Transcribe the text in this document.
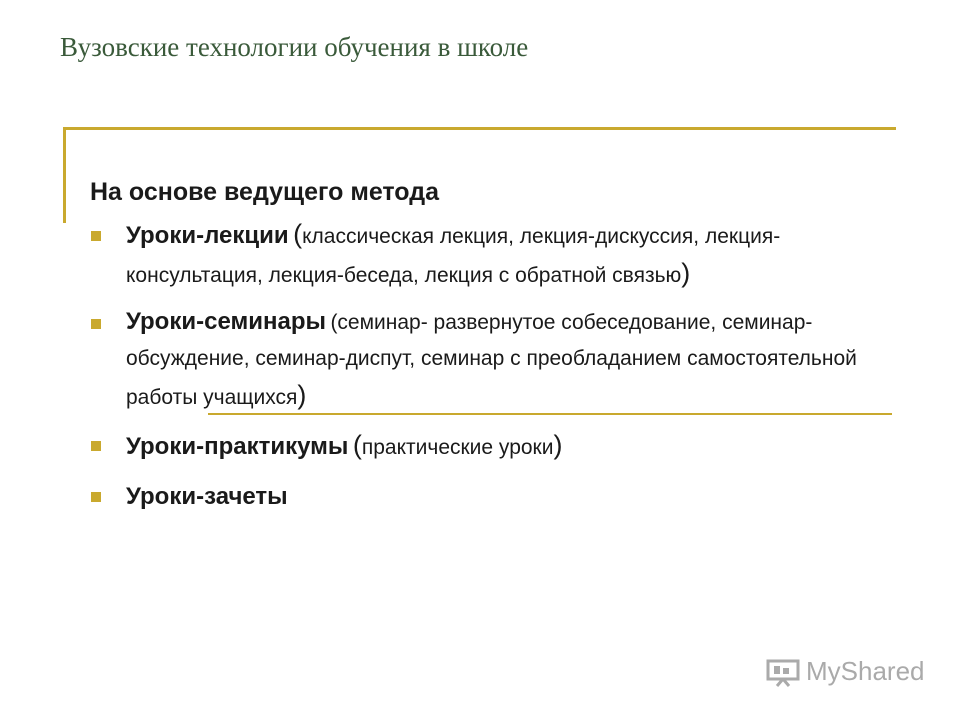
Вузовские технологии обучения в школе
На основе ведущего метода
Уроки-лекции (классическая лекция, лекция-дискуссия, лекция-консультация, лекция-беседа, лекция с обратной связью)
Уроки-семинары (семинар- развернутое собеседование, семинар-обсуждение, семинар-диспут, семинар с преобладанием самостоятельной работы учащихся)
Уроки-практикумы (практические уроки)
Уроки-зачеты
MyShared
